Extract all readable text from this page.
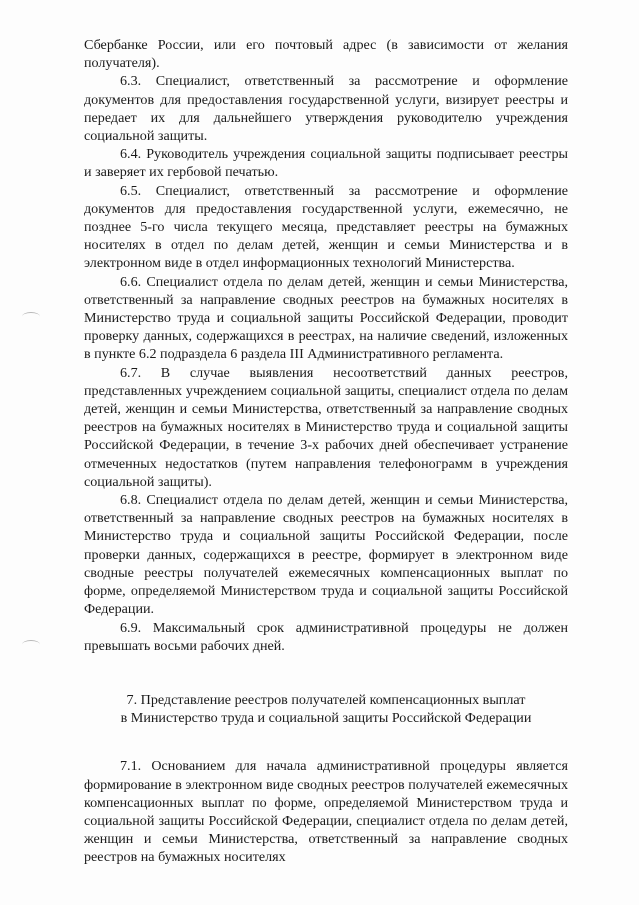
Сбербанке России, или его почтовый адрес (в зависимости от желания получателя).

6.3. Специалист, ответственный за рассмотрение и оформление документов для предоставления государственной услуги, визирует реестры и передает их для дальнейшего утверждения руководителю учреждения социальной защиты.

6.4. Руководитель учреждения социальной защиты подписывает реестры и заверяет их гербовой печатью.

6.5. Специалист, ответственный за рассмотрение и оформление документов для предоставления государственной услуги, ежемесячно, не позднее 5-го числа текущего месяца, представляет реестры на бумажных носителях в отдел по делам детей, женщин и семьи Министерства и в электронном виде в отдел информационных технологий Министерства.

6.6. Специалист отдела по делам детей, женщин и семьи Министерства, ответственный за направление сводных реестров на бумажных носителях в Министерство труда и социальной защиты Российской Федерации, проводит проверку данных, содержащихся в реестрах, на наличие сведений, изложенных в пункте 6.2 подраздела 6 раздела III Административного регламента.

6.7. В случае выявления несоответствий данных реестров, представленных учреждением социальной защиты, специалист отдела по делам детей, женщин и семьи Министерства, ответственный за направление сводных реестров на бумажных носителях в Министерство труда и социальной защиты Российской Федерации, в течение 3-х рабочих дней обеспечивает устранение отмеченных недостатков (путем направления телефонограмм в учреждения социальной защиты).

6.8. Специалист отдела по делам детей, женщин и семьи Министерства, ответственный за направление сводных реестров на бумажных носителях в Министерство труда и социальной защиты Российской Федерации, после проверки данных, содержащихся в реестре, формирует в электронном виде сводные реестры получателей ежемесячных компенсационных выплат по форме, определяемой Министерством труда и социальной защиты Российской Федерации.

6.9. Максимальный срок административной процедуры не должен превышать восьми рабочих дней.

7. Представление реестров получателей компенсационных выплат
в Министерство труда и социальной защиты Российской Федерации

7.1. Основанием для начала административной процедуры является формирование в электронном виде сводных реестров получателей ежемесячных компенсационных выплат по форме, определяемой Министерством труда и социальной защиты Российской Федерации, специалист отдела по делам детей, женщин и семьи Министерства, ответственный за направление сводных реестров на бумажных носителях
